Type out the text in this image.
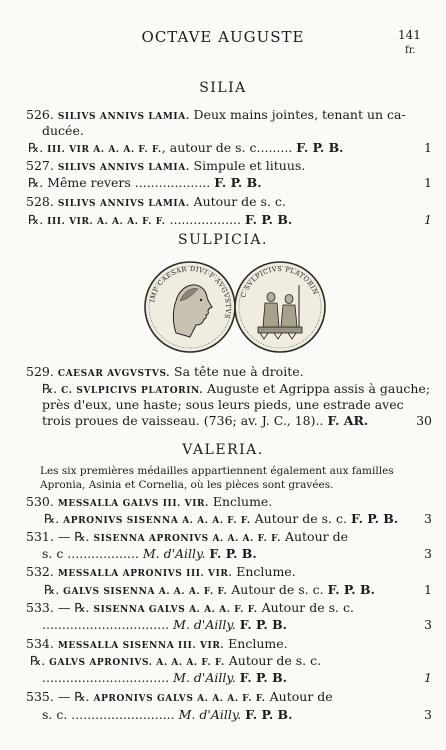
OCTAVE AUGUSTE	141
fr.
SILIA
526. SILIVS ANNIVS LAMIA. Deux mains jointes, tenant un ca-
ducée.
℞. III. VIR A. A. A. F. F., autour de s. c......... F. P. B.	1
527. SILIVS ANNIVS LAMIA. Simpule et lituus.
℞. Même revers ................... F. P. B.	1
528. SILIVS ANNIVS LAMIA. Autour de s. c.
℞. III. VIR. A. A. A. F. F. .................. F. P. B.	1
SULPICIA.
IMP·CAESAR DIVI·F·AVGVSTVS
C·SVLPICIVS PLATORIN
529. CAESAR AVGVSTVS. Sa tête nue à droite.
℞. C. SVLPICIVS PLATORIN. Auguste et Agrippa assis à gauche;
près d'eux, une haste; sous leurs pieds, une estrade avec
trois proues de vaisseau. (736; av. J. C., 18).. F. AR.	30
VALERIA.
Les six premières médailles appartiennent également aux familles
Apronia, Asinia et Cornelia, où les pièces sont gravées.
530. MESSALLA GALVS III. VIR. Enclume.
℞. APRONIVS SISENNA A. A. A. F. F. Autour de s. c. F. P. B. 3
531. — ℞. SISENNA APRONIVS A. A. A. F. F. Autour de
s. c .................. M. d'Ailly. F. P. B.	3
532. MESSALLA APRONIVS III. VIR. Enclume.
℞. GALVS SISENNA A. A. A. F. F. Autour de s. c. F. P. B.	1
533. — ℞. SISENNA GALVS A. A. A. F. F. Autour de s. c.
................................ M. d'Ailly. F. P. B.	3
534. MESSALLA SISENNA III. VIR. Enclume.
℞. GALVS APRONIVS. A. A. A. F. F. Autour de s. c.
................................ M. d'Ailly. F. P. B.	1
535. — ℞. APRONIVS GALVS A. A. A. F. F. Autour de
s. c. .......................... M. d'Ailly. F. P. B.	3
